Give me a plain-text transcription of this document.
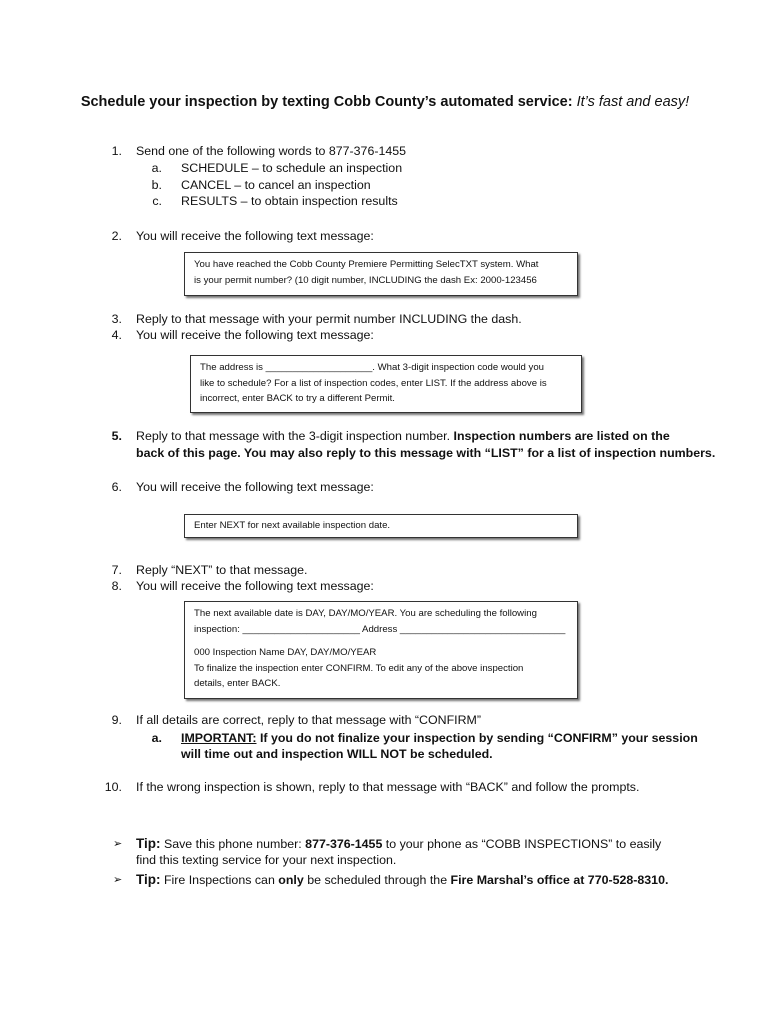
Schedule your inspection by texting Cobb County’s automated service: It’s fast and easy!
1. Send one of the following words to 877-376-1455
a. SCHEDULE – to schedule an inspection
b. CANCEL – to cancel an inspection
c. RESULTS – to obtain inspection results
2. You will receive the following text message:
You have reached the Cobb County Premiere Permitting SelecTXT system. What
is your permit number? (10 digit number, INCLUDING the dash Ex: 2000-123456
3. Reply to that message with your permit number INCLUDING the dash.
4. You will receive the following text message:
The address is ____________________. What 3-digit inspection code would you
like to schedule? For a list of inspection codes, enter LIST. If the address above is
incorrect, enter BACK to try a different Permit.
5. Reply to that message with the 3-digit inspection number. Inspection numbers are listed on the
back of this page. You may also reply to this message with “LIST” for a list of inspection numbers.
6. You will receive the following text message:
Enter NEXT for next available inspection date.
7. Reply “NEXT” to that message.
8. You will receive the following text message:
The next available date is DAY, DAY/MO/YEAR. You are scheduling the following
inspection: ______________________ Address _______________________________
000 Inspection Name DAY, DAY/MO/YEAR
To finalize the inspection enter CONFIRM. To edit any of the above inspection
details, enter BACK.
9. If all details are correct, reply to that message with “CONFIRM”
a. IMPORTANT: If you do not finalize your inspection by sending “CONFIRM” your session
will time out and inspection WILL NOT be scheduled.
10. If the wrong inspection is shown, reply to that message with “BACK” and follow the prompts.
➢ Tip: Save this phone number: 877-376-1455 to your phone as “COBB INSPECTIONS” to easily
find this texting service for your next inspection.
➢ Tip: Fire Inspections can only be scheduled through the Fire Marshal’s office at 770-528-8310.
